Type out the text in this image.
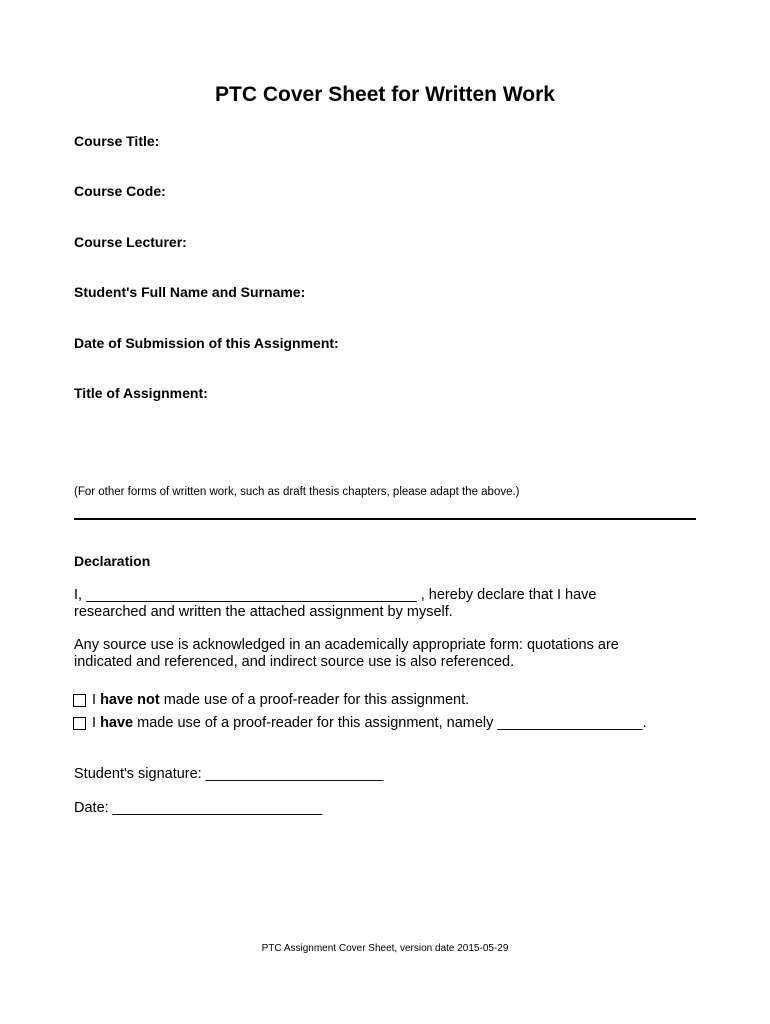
PTC Cover Sheet for Written Work
Course Title:
Course Code:
Course Lecturer:
Student's Full Name and Surname:
Date of Submission of this Assignment:
Title of Assignment:
(For other forms of written work, such as draft thesis chapters, please adapt the above.)
Declaration
I, _________________________________________ , hereby declare that I have
researched and written the attached assignment by myself.
Any source use is acknowledged in an academically appropriate form: quotations are
indicated and referenced, and indirect source use is also referenced.
I have not made use of a proof-reader for this assignment.
I have made use of a proof-reader for this assignment, namely __________________.
Student's signature: ______________________
Date: __________________________
PTC Assignment Cover Sheet, version date 2015-05-29
